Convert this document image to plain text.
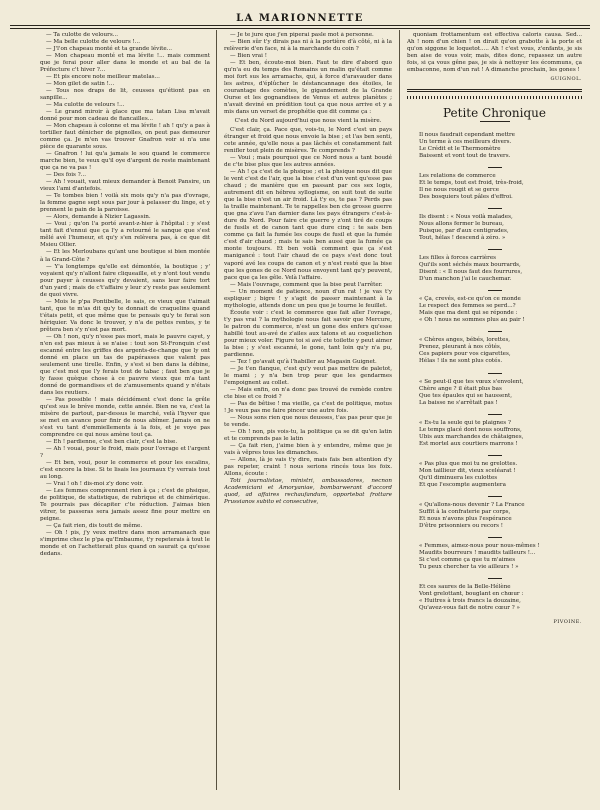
LA MARIONNETTE

— Ta culotte de velours...

— Ma belle culotte de velours !...

— J'l'on chapeau monté et ta grande lévite...

— Mon chapeau monté et ma lévite !... mais comment que je ferai pour aller dans le monde et au bal de la Préfecture c't hiver ?...

— Et pis encore note meilleur matelas...

— Mon gilet de satin !...

— Tous nos draps de lit, ceusses qu'étiont pas en sanpille...

— Ma culotte de velours !...

— Le grand miroir à glace que ma tatan Lisa m'avait donné pour mon cadeau de fiancailles...

— Mon chapeau à colonne et ma lévite ! ah ! qu'y a pas à tortiller faut dénicher de pignolles, on peut pas demeurer comme ça. Je m'en vas trouver Gnafron voir si n'a une pièce de quarante sous.

— Gnafron ! lui qu'a jamais le sou quand le commerce marche bien, te veux qu'il oye d'argent de reste maintenant que ça ne va pas !

— Des fois ?...

— Ah ! vouait, vaut mieux demander à Benoit Pansire, un vieux l'ami d'antefois.

— Te tombes bien ! voilà six mois qu'y n'a pas d'ovrage, la femme gagne sept sous par jour à pelasser du linge, et y prennent le pain de la paroisse.

— Alors, demande à Nizier Lagassin.

— Voui ; qu'on l'a porté avant-z-hier à l'hôpital : y s'est tant fait d'ennui que ça l'y a retourné le sanque que s'est mêlé avé l'humeur, et qu'y s'en relèvera pas, à ce que dit Msieu Ollier.

— Et les Merloubans qu'ant une boutique si bien montée à la Grand-Côte ?

— Y'a longtemps qu'elle est démontée, la boutique ; y' voyaient qu'y n'allont faire cliqueaille, et y n'ont tout vendu pour payer à ceusses qu'y devaient, sans leur faire tort d'un yard ; mais de c't'affaire y leur z'y reste pas seulement de quoi vivre.

— Mois le p'pa Pontibelle, le sais, ce vieux que t'aimait tant, que te m'as dit qu'y te donnait de craquelins quand t'étais petit, et que même que te pensais qu'y te ferai son hériquier. Va donc le trouver, y n'a de pettes rentes, y te prêtera ben s'y n'est pas mort.

— Oh ! non, qu'y n'esse pas mort, mais le pauvre cayet, y n'en est pas mieux à se n'aise : tout son St-Fronquin c'est escanné entre les griffes des argents-de-change que ly ont donné en place un tas de papérasses que valent pas seulement une tirelle. Enfin, y s'est si ben dans la débine, que c'est moi que l'y ferais tout de tabac ; faut ben que je ly fasse quèque chose à ce pauvre vieux que m'a tant donné de gormandises et de z'amusements quand y n'étais dans les reutiers.

— Pas possible ! mais décidément c'est donc la grêle qu'est sus le bréve monde, cette année. Bien ne va, c'est la misère de partout, par-dessus le marché, velà l'hyver que se met en avance pour finir de nous abîmer. Jamais on ne s'est vu tant d'emmiellements à la fois, et je voye pas comprendre ce qui nous amène tout ça.

— Eh ! pardienne, c'est ben clair, c'est la bise.

— Ah ! vouai, pour le froid, mais pour l'ovrage et l'argent ?

— Et ben, voui, pour le commerce et pour les escalins, c'est encore la bise. Si te lisais les journaux t'y verrais tout au long.

— Vrai ! oh ! dis-moi z'y donc voir.

— Les femmes comprennent rien à ça ; c'est de phsique, de politique, de statistique, de rubrique et de chimérique. Te pourrais pas décapiter c'te réduction. J'aimas bien vitrer, te passeras sera jamais assez fine pour mettre en peigne.

— Ça fait rien, dis toutt de même.

— Oh ! pis, j'y veux mettre dans mon arramanach que s'imprime chez le p'pa qu'Embaume, t'y repeterais à tout le monde et on l'achetterait plus quand on saurait ça qu'esse dedans.

— Je te jure que j'en piperai pasle mot à personne.

— Bien sûr t'y dirais pas ni à la portière d'à côté, ni à la relèverie d'en face, ni à la marchande du coin ?

— Bien vrai !

— Et ben, écoute-moi bien. Faut te dire d'abord quo qu'n'a eu du temps des Romains un malin qu'était comme moi fort sus les arramachs, qui, à force d'aravauder dans les astres, d'éplûcher le déstancannage des étoiles, le courantage des comètes, le gigandement de la Grande Ourse et les gognandises de Venus et autres planètes ; n'avait deviné en prédition tout ça que nous arrive et y a mis dans un verset de prophétie que dit comme ça :

C'est du Nord aujourd'hui que nous vient la misère.

C'est clair, ça. Pace que, vois-tu, le Nord c'est un pays étranger et froid que nous envoie la bise ; et l'as ben senti, cete année, qu'elle nous a pas lâchés et constamment fait renifler tout plein de misères. Te comprends ?

— Voui ; mais pourquoi que ce Nord nous a tant boudé de c'te bise plus que les autres années.

— Ah ! ça c'est de la phsique ; et la phsique nous dit que le vent c'est de l'air, que la bise c'est d'un vent qu'esse pas chaud ; de manière que en passant par ces sex logis, autrement dit en hébreu syllogisme, on suit tout de suite que la bise n'est un air froid. Là t'y es, te pas ? Perds pas la traille maintenant. Te te rappelles ben cte grosse guerre que gna z'avu l'an darnier dans les pays étrangers c'est-à-dure du Nord. Pour faire cte guerre y z'ont tiré de coups de fusils et de canon tant que dure cinq : te sais ben comme ça fait la fumée les coups de fusil et que la fumée c'est d'air chaud ; mais te sais ben aussi que la fumée ça monte toujours. Et ben voilà comment que ça s'est manigancé : tout l'air chaud de ce pays s'est donc tout vaporé avé les coups de canon et y n'est resté que la bise que les gones de ce Nord nous envoyent tant qu'y peuvent, pace que ça les gêle. Velà l'affaire.

— Mais l'ouvrage, comment que la bise peut l'arrêter.

— Un moment de patience, noun d'un rat ! je vas t'y espliquer ; bigre ! y s'agit de passer maintenant à la mythologie, attends donc un peu que je tourne le feuillet.

Écoute voir : c'est le commerce que fait aller l'ovrage, t'y pas vrai ? la mythologie nous fait savoir que Mercure, le patron du commerce, n'est un gone des enfers qu'esse habillé tout au-avé de z'ailes aux talons et au coquelichon pour mieux voler. Figure toi si avé cte toilette y peut aimer la bise ; y s'est escanné, le gone, tant loin qu'y n'a pu, pardienne.

— Tez ! go'avait qu'à l'habiller au Magasin Guignet.

— Je t'en flanque, c'est qu'y veut pas mettre de paletot, le mami ; y n'a ben trop peur que les gendarmes l'empoignent au collet.

— Mais enfin, on n'a donc pas trouvé de remède contre cte bise et ce froid ?

— Pas de bêtise ! ma vieille, ça c'est de politique, motus ! Je veux pas me faire pincer une autre fois.

— Nous sons rien que nous deusses, t'as pas peur que je te vende.

— Oh ! non, pis vois-tu, la politique ça se dit qu'en latin et te comprends pas le latin

— Ça fait rien, j'aime bien à y entendre, même que je vais à vêpres tous les dimanches.

— Allons, là je vais t'y dire, mais fais ben attention d'y pas repeter, craint ! nous serions rincés tous les foix. Allons, écoute :

Toti journalistae, ministri, ambassadores, necnon Academiciani et Amoryaniae, bombarwerant d'accord quod, ad affaires rechaufandum, opportebat frottare Prussianos subito et consecutive,

quoniam frottamentum est effectiva caloris causa. Sed... Ah ! nom d'un chien ! on dirait qu'on grabotte à la porte et qu'on siggone le loquetot..... Ah ! c'est vous, z'enfants, je sis ben aise de vous voir, mais, dites donc, repassez un autre fois, si ça vous gêne pas, je sis à nettoyer les écommuns, ça embaconne, nom d'un rat ! A dimanche prochain, les gones !

GUIGNOL.
Petite Chronique

Il nous faudrait cependant mettre

Un terme à ces meilleurs divers.

Le Crédit et le Thermomètre

Baissent et vont tout de travers.

Les relations de commerce

Et le temps, tout est froid, très-froid,

Il ne nous rougit et se gerce

Des bosquiers tout pâles d'effroi.

Ils disent : « Nous voilà malades,

Nous allons fermer le bureau,

Puisque, par d'aux centigrades,

Tout, hélas ! descend à zéro. »

Les filles à forces carrières

Qui'ils sont séchés maux bourrards,

Disent : « Il nous faut des fourrures,

D'un manchon j'ai le cauchemar.

« Ça, crevés, est-ce qu'on ce monde

Le respect des femmes se perd...?

Mais que ma dent qui se réponde :

« Oh ! nous ne sommes plus au pair !

« Chères anges, bébés, lorettes,

Prenez, pleurant à nos côtés,

Ces papiers pour vos cigarettes,

Hélas ! ils ne sont plus cotés.

« Se peut-il que tes vœux s'envolent,

Chère ange ? il était plus bas

Que tes épaules qui se haussent,

La baisse ne s'arrêtait pas !

« Es-tu la seule qui te plaignes ?

Le temps glacé dont nous souffrons,

Ubis aux marchandes de châtaignes,

Est mortel aux courtiers marrons !

« Pas plus que moi tu ne grelottes.

Mon taillieur dit, vieux sceléarat !

Qu'il diminuera les culottes

Et que l'escompte augmentera

« Qu'allons-nous devenir ? La France

Suffit à la confraterie par corps,

Et nous n'avons plus l'espérance

D'être prisonniers ou recors !

« Femmes, aimez-nous pour nous-mêmes !

Maudits bourreurs ! maudits tailleurs !...

Si c'est comme ça que tu m'aimes

Tu peux chercher ta vie ailleurs ! »

Et ces saures de la Belle-Hélène

Vont grelottant, bouglant en chœur :

« Huitres à trois francs la douzaine,

Qu'avez-vous fait de notre cœur ? »

PIVOINE.
